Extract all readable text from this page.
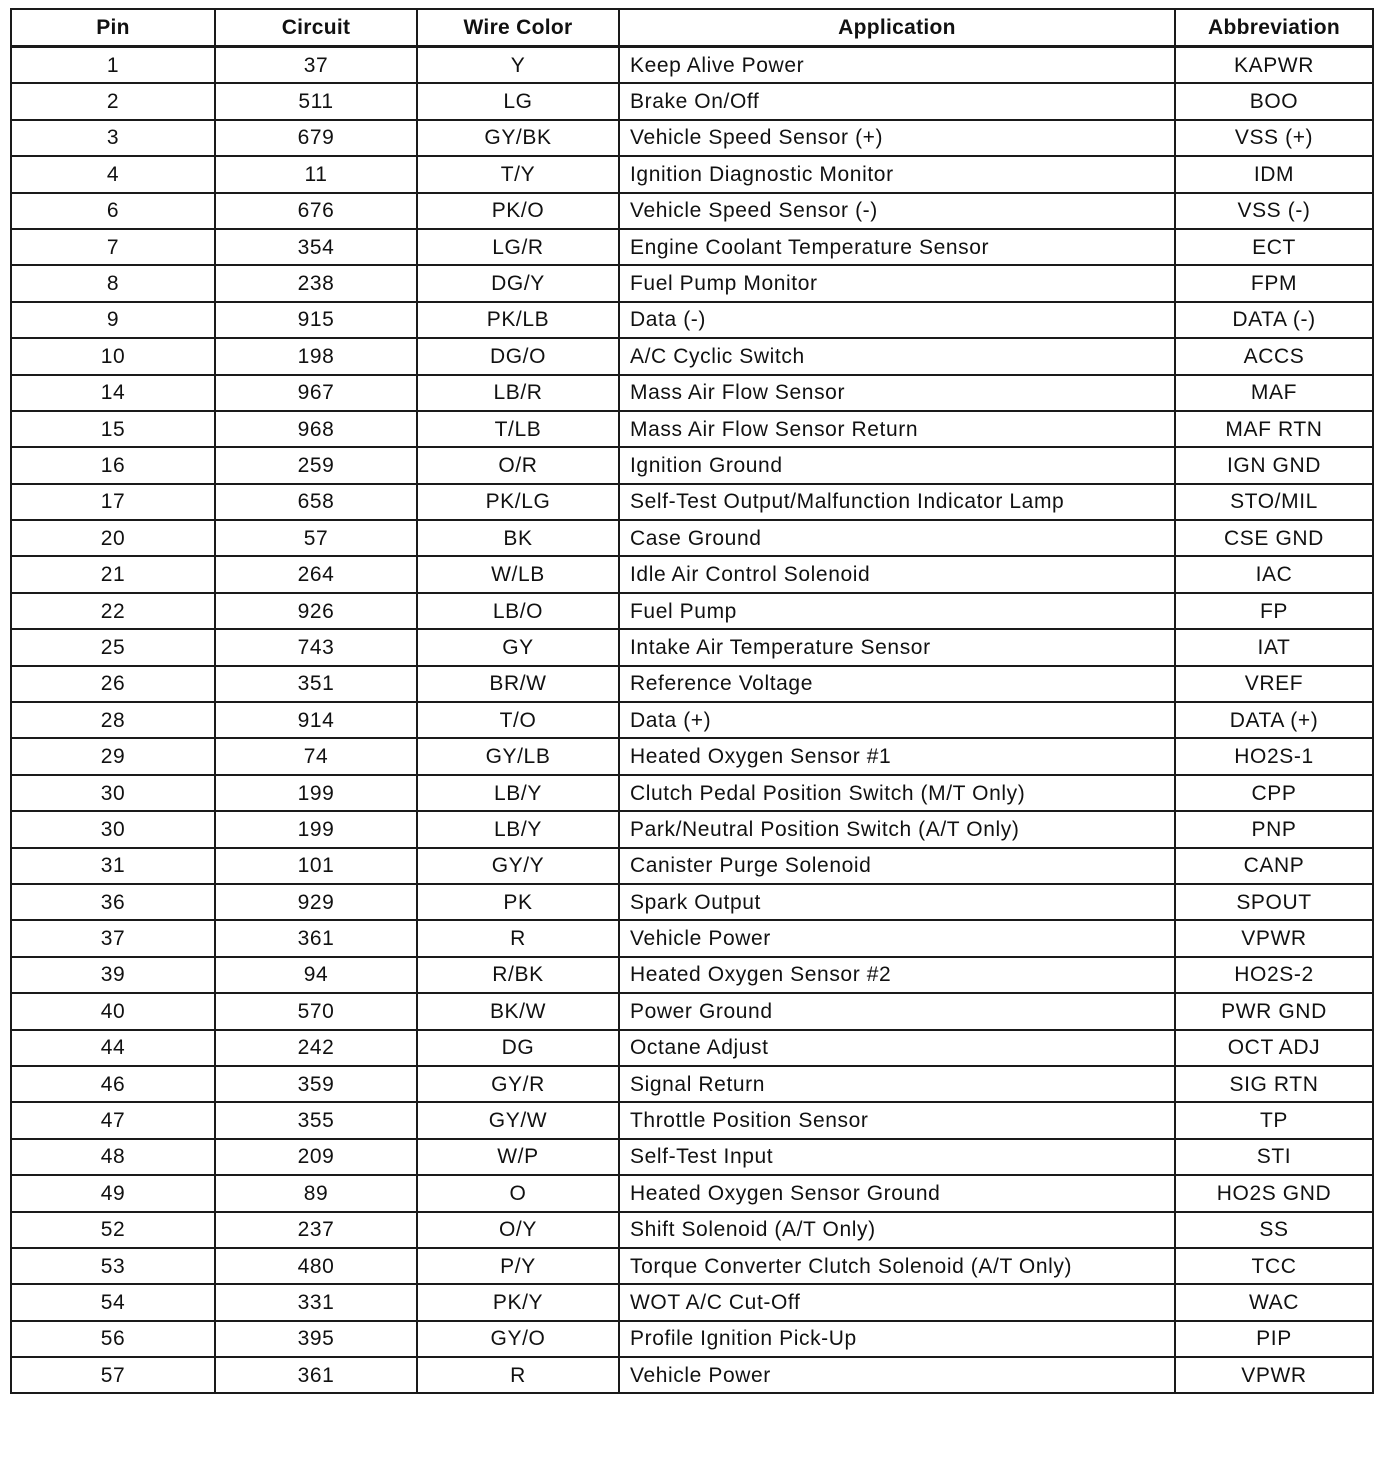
Pin	Circuit	Wire Color	Application	Abbreviation
1	37	Y	Keep Alive Power	KAPWR
2	511	LG	Brake On/Off	BOO
3	679	GY/BK	Vehicle Speed Sensor (+)	VSS (+)
4	11	T/Y	Ignition Diagnostic Monitor	IDM
6	676	PK/O	Vehicle Speed Sensor (-)	VSS (-)
7	354	LG/R	Engine Coolant Temperature Sensor	ECT
8	238	DG/Y	Fuel Pump Monitor	FPM
9	915	PK/LB	Data (-)	DATA (-)
10	198	DG/O	A/C Cyclic Switch	ACCS
14	967	LB/R	Mass Air Flow Sensor	MAF
15	968	T/LB	Mass Air Flow Sensor Return	MAF RTN
16	259	O/R	Ignition Ground	IGN GND
17	658	PK/LG	Self-Test Output/Malfunction Indicator Lamp	STO/MIL
20	57	BK	Case Ground	CSE GND
21	264	W/LB	Idle Air Control Solenoid	IAC
22	926	LB/O	Fuel Pump	FP
25	743	GY	Intake Air Temperature Sensor	IAT
26	351	BR/W	Reference Voltage	VREF
28	914	T/O	Data (+)	DATA (+)
29	74	GY/LB	Heated Oxygen Sensor #1	HO2S-1
30	199	LB/Y	Clutch Pedal Position Switch (M/T Only)	CPP
30	199	LB/Y	Park/Neutral Position Switch (A/T Only)	PNP
31	101	GY/Y	Canister Purge Solenoid	CANP
36	929	PK	Spark Output	SPOUT
37	361	R	Vehicle Power	VPWR
39	94	R/BK	Heated Oxygen Sensor #2	HO2S-2
40	570	BK/W	Power Ground	PWR GND
44	242	DG	Octane Adjust	OCT ADJ
46	359	GY/R	Signal Return	SIG RTN
47	355	GY/W	Throttle Position Sensor	TP
48	209	W/P	Self-Test Input	STI
49	89	O	Heated Oxygen Sensor Ground	HO2S GND
52	237	O/Y	Shift Solenoid (A/T Only)	SS
53	480	P/Y	Torque Converter Clutch Solenoid (A/T Only)	TCC
54	331	PK/Y	WOT A/C Cut-Off	WAC
56	395	GY/O	Profile Ignition Pick-Up	PIP
57	361	R	Vehicle Power	VPWR
